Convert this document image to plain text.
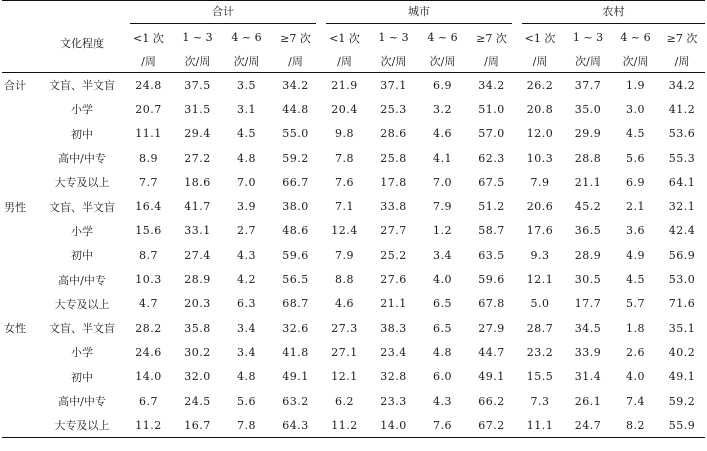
	文化程度	合计				城市				农村			

		<1 次	1 ~ 3	4 ~ 6	≥7 次	<1 次	1 ~ 3	4 ~ 6	≥7 次	<1 次	1 ~ 3	4 ~ 6	≥7 次
		/周	次/周	次/周	/周	/周	次/周	次/周	/周	/周	次/周	次/周	/周
合计	文盲、半文盲	24.8	37.5	3.5	34.2	21.9	37.1	6.9	34.2	26.2	37.7	1.9	34.2
	小学	20.7	31.5	3.1	44.8	20.4	25.3	3.2	51.0	20.8	35.0	3.0	41.2
	初中	11.1	29.4	4.5	55.0	9.8	28.6	4.6	57.0	12.0	29.9	4.5	53.6
	高中/中专	8.9	27.2	4.8	59.2	7.8	25.8	4.1	62.3	10.3	28.8	5.6	55.3
	大专及以上	7.7	18.6	7.0	66.7	7.6	17.8	7.0	67.5	7.9	21.1	6.9	64.1
男性	文盲、半文盲	16.4	41.7	3.9	38.0	7.1	33.8	7.9	51.2	20.6	45.2	2.1	32.1
	小学	15.6	33.1	2.7	48.6	12.4	27.7	1.2	58.7	17.6	36.5	3.6	42.4
	初中	8.7	27.4	4.3	59.6	7.9	25.2	3.4	63.5	9.3	28.9	4.9	56.9
	高中/中专	10.3	28.9	4.2	56.5	8.8	27.6	4.0	59.6	12.1	30.5	4.5	53.0
	大专及以上	4.7	20.3	6.3	68.7	4.6	21.1	6.5	67.8	5.0	17.7	5.7	71.6
女性	文盲、半文盲	28.2	35.8	3.4	32.6	27.3	38.3	6.5	27.9	28.7	34.5	1.8	35.1
	小学	24.6	30.2	3.4	41.8	27.1	23.4	4.8	44.7	23.2	33.9	2.6	40.2
	初中	14.0	32.0	4.8	49.1	12.1	32.8	6.0	49.1	15.5	31.4	4.0	49.1
	高中/中专	6.7	24.5	5.6	63.2	6.2	23.3	4.3	66.2	7.3	26.1	7.4	59.2
	大专及以上	11.2	16.7	7.8	64.3	11.2	14.0	7.6	67.2	11.1	24.7	8.2	55.9
